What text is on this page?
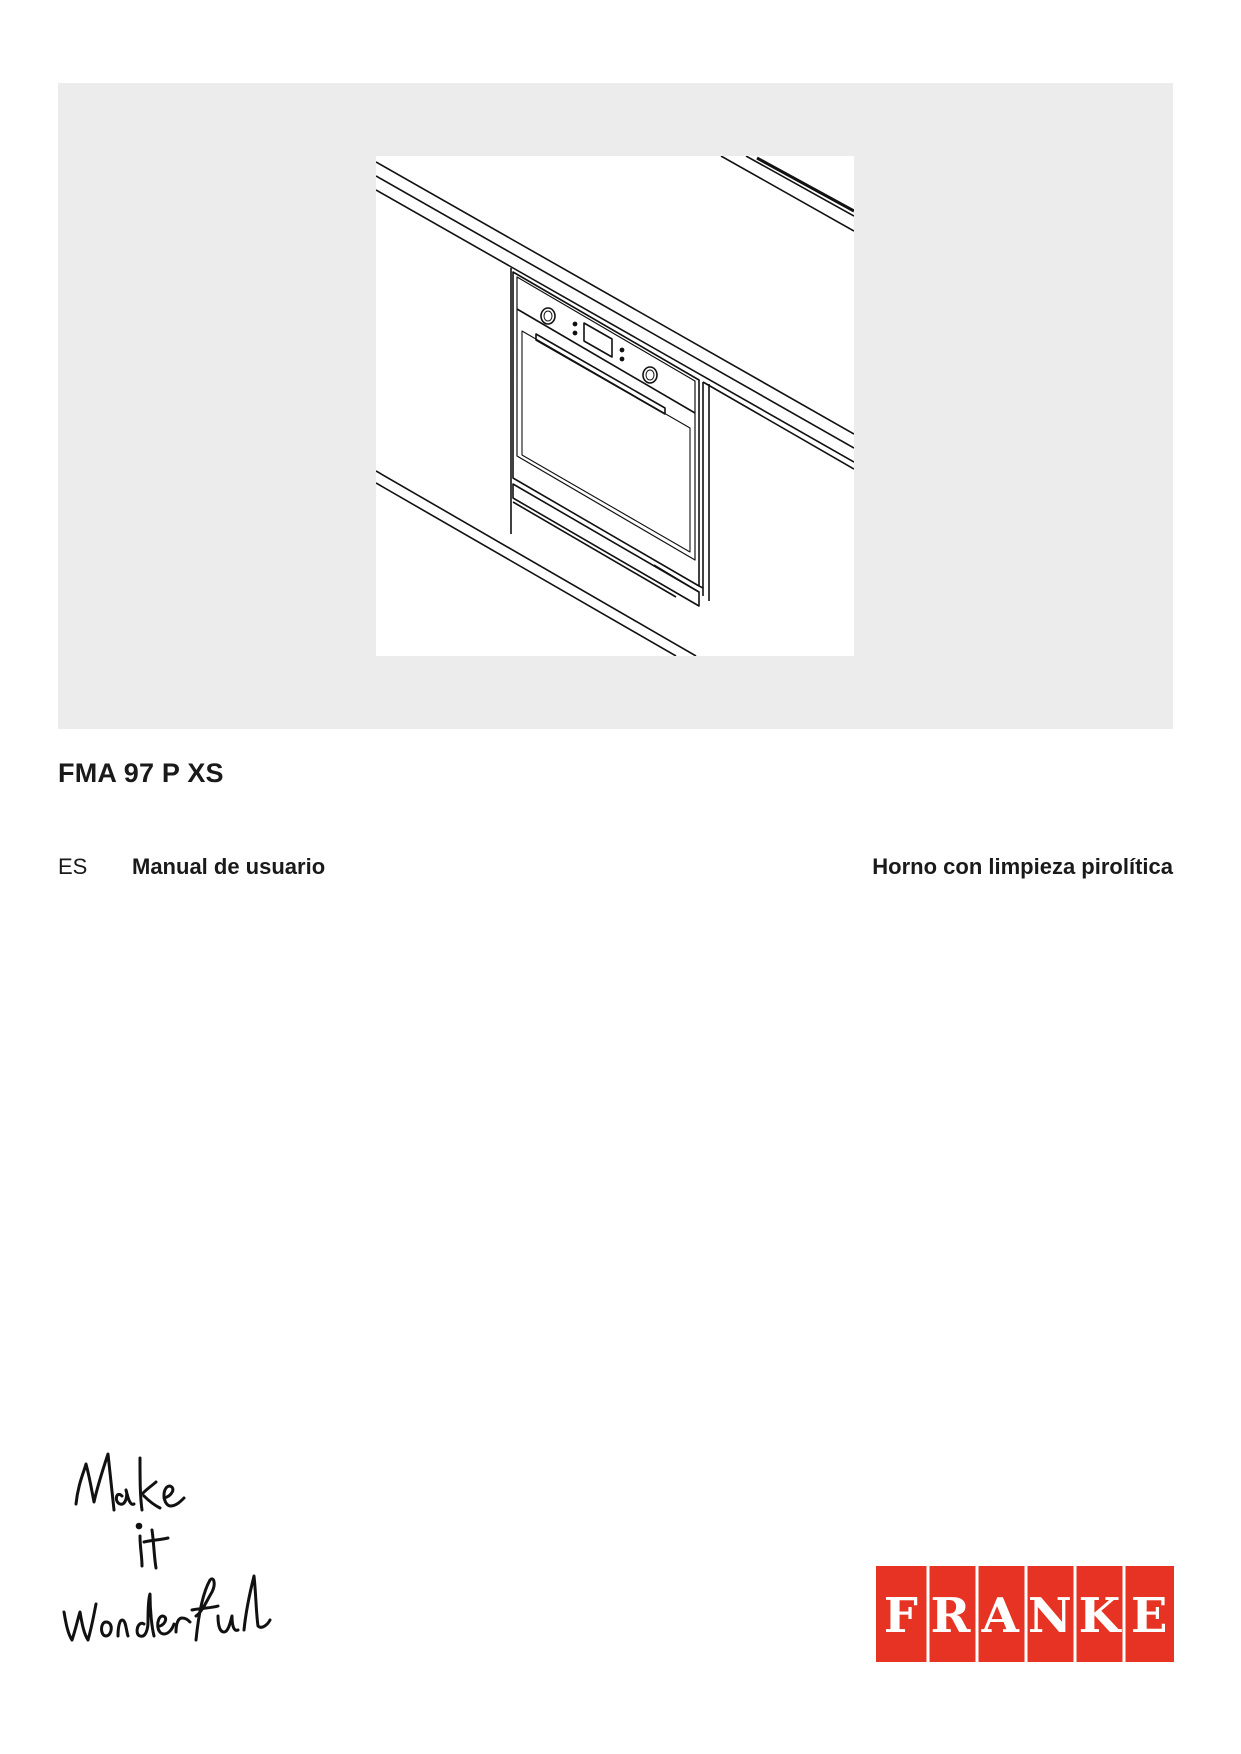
FMA 97 P XS
ES Manual de usuario	Horno con limpieza pirolítica
F R A N K E
